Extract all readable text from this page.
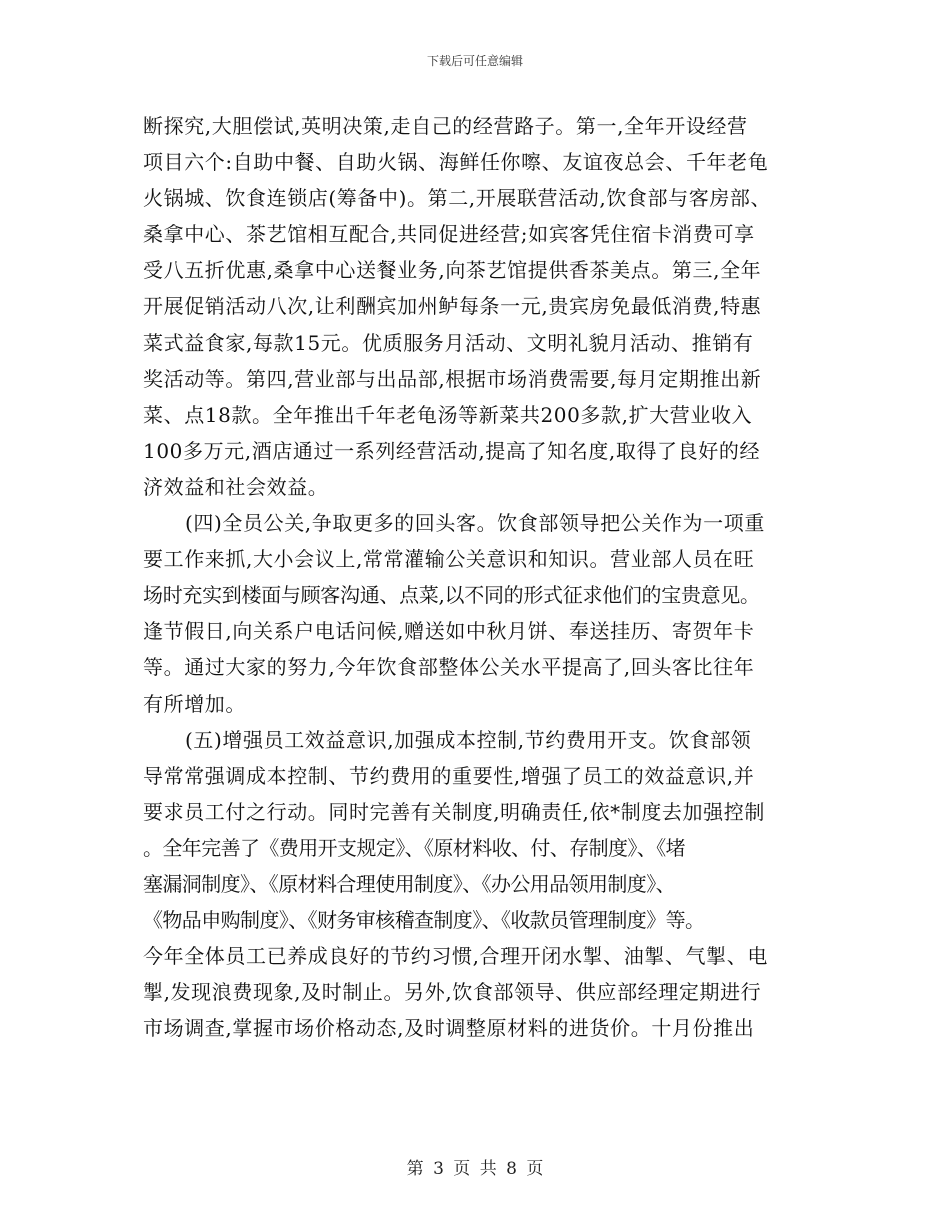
下载后可任意编辑
断探究,大胆偿试,英明决策,走自己的经营路子。第一,全年开设经营
项目六个:自助中餐、自助火锅、海鲜任你嚓、友谊夜总会、千年老龟
火锅城、饮食连锁店(筹备中)。第二,开展联营活动,饮食部与客房部、
桑拿中心、茶艺馆相互配合,共同促进经营;如宾客凭住宿卡消费可享
受八五折优惠,桑拿中心送餐业务,向茶艺馆提供香茶美点。第三,全年
开展促销活动八次,让利酬宾加州鲈每条一元,贵宾房免最低消费,特惠
菜式益食家,每款15元。优质服务月活动、文明礼貌月活动、推销有
奖活动等。第四,营业部与出品部,根据市场消费需要,每月定期推出新
菜、点18款。全年推出千年老龟汤等新菜共200多款,扩大营业收入
100多万元,酒店通过一系列经营活动,提高了知名度,取得了良好的经
济效益和社会效益。
(四)全员公关,争取更多的回头客。饮食部领导把公关作为一项重
要工作来抓,大小会议上,常常灌输公关意识和知识。营业部人员在旺
场时充实到楼面与顾客沟通、点菜,以不同的形式征求他们的宝贵意见。
逢节假日,向关系户电话问候,赠送如中秋月饼、奉送挂历、寄贺年卡
等。通过大家的努力,今年饮食部整体公关水平提高了,回头客比往年
有所增加。
(五)增强员工效益意识,加强成本控制,节约费用开支。饮食部领
导常常强调成本控制、节约费用的重要性,增强了员工的效益意识,并
要求员工付之行动。同时完善有关制度,明确责任,依*制度去加强控制
。全年完善了《费用开支规定》、《原材料收、付、存制度》、《堵
塞漏洞制度》、《原材料合理使用制度》、《办公用品领用制度》、
《物品申购制度》、《财务审核稽查制度》、《收款员管理制度》等。
今年全体员工已养成良好的节约习惯,合理开闭水掣、油掣、气掣、电
掣,发现浪费现象,及时制止。另外,饮食部领导、供应部经理定期进行
市场调查,掌握市场价格动态,及时调整原材料的进货价。十月份推出
第 3 页 共 8 页
